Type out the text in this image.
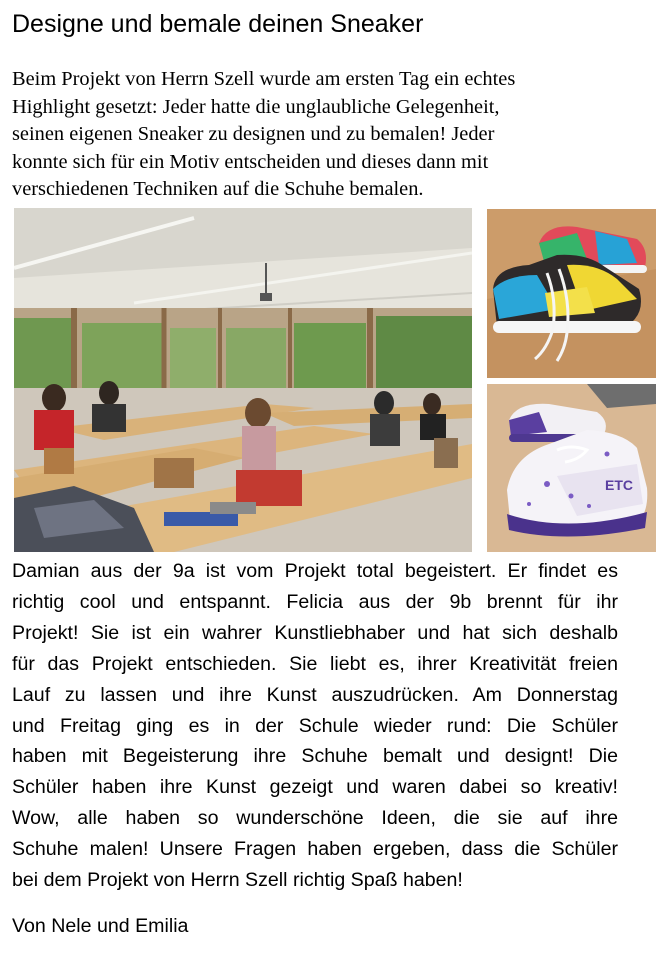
Designe und bemale deinen Sneaker
Beim Projekt von Herrn Szell wurde am ersten Tag ein echtes
Highlight gesetzt: Jeder hatte die unglaubliche Gelegenheit,
seinen eigenen Sneaker zu designen und zu bemalen! Jeder
konnte sich für ein Motiv entscheiden und dieses dann mit
verschiedenen Techniken auf die Schuhe bemalen.
ETC
Damian aus der 9a ist vom Projekt total begeistert. Er findet es
richtig cool und entspannt. Felicia aus der 9b brennt für ihr
Projekt! Sie ist ein wahrer Kunstliebhaber und hat sich deshalb
für das Projekt entschieden. Sie liebt es, ihrer Kreativität freien
Lauf zu lassen und ihre Kunst auszudrücken. Am Donnerstag
und Freitag ging es in der Schule wieder rund: Die Schüler
haben mit Begeisterung ihre Schuhe bemalt und designt! Die
Schüler haben ihre Kunst gezeigt und waren dabei so kreativ!
Wow, alle haben so wunderschöne Ideen, die sie auf ihre
Schuhe malen! Unsere Fragen haben ergeben, dass die Schüler
bei dem Projekt von Herrn Szell richtig Spaß haben!
Von Nele und Emilia
